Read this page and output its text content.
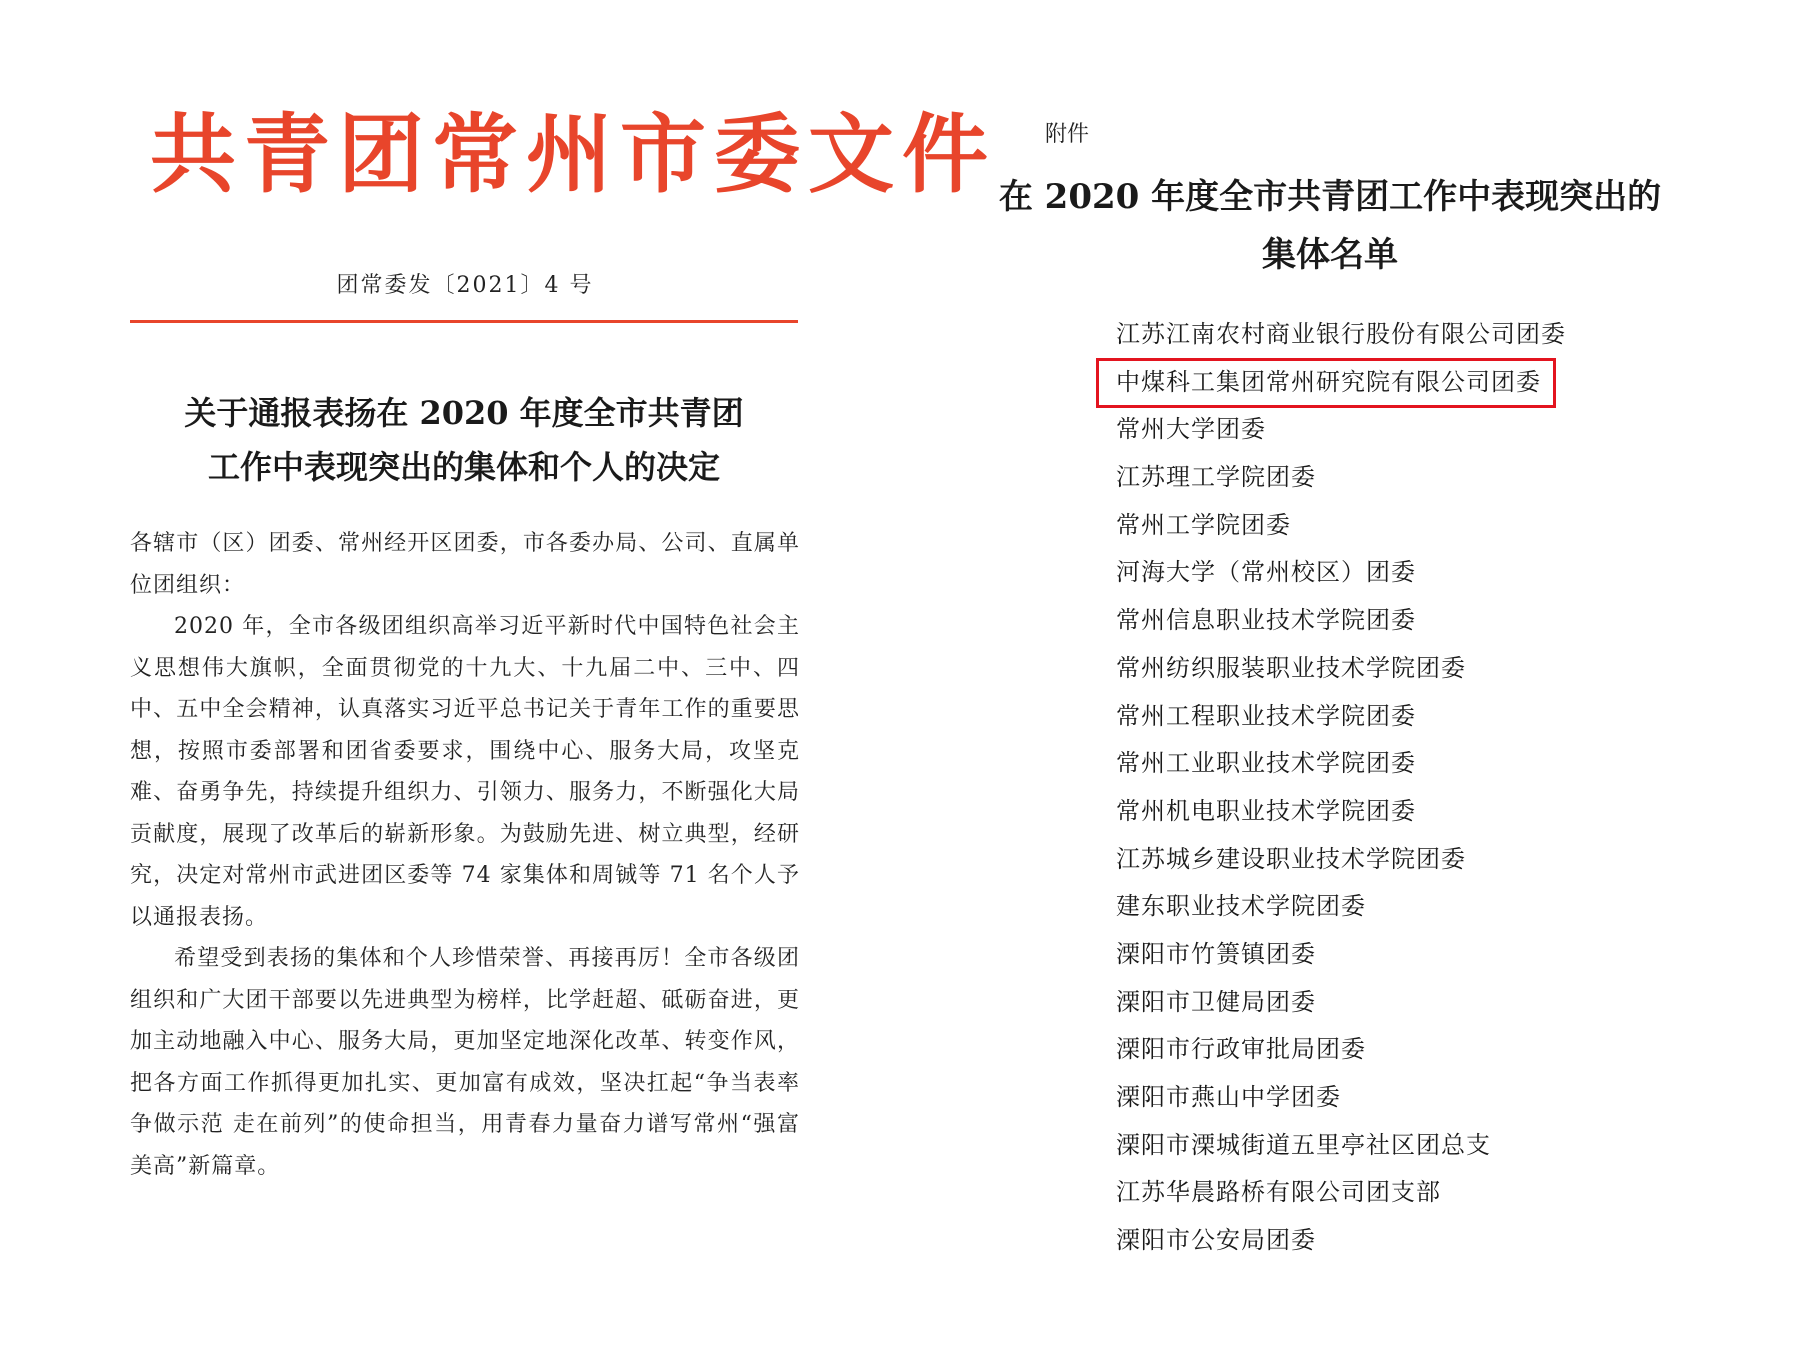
共青团常州市委文件
团常委发〔2021〕4 号
关于通报表扬在 2020 年度全市共青团
工作中表现突出的集体和个人的决定

各辖市（区）团委、常州经开区团委，市各委办局、公司、直属单位团组织：

2020 年，全市各级团组织高举习近平新时代中国特色社会主义思想伟大旗帜，全面贯彻党的十九大、十九届二中、三中、四中、五中全会精神，认真落实习近平总书记关于青年工作的重要思想，按照市委部署和团省委要求，围绕中心、服务大局，攻坚克难、奋勇争先，持续提升组织力、引领力、服务力，不断强化大局贡献度，展现了改革后的崭新形象。为鼓励先进、树立典型，经研究，决定对常州市武进团区委等 74 家集体和周铖等 71 名个人予以通报表扬。

希望受到表扬的集体和个人珍惜荣誉、再接再厉！全市各级团组织和广大团干部要以先进典型为榜样，比学赶超、砥砺奋进，更加主动地融入中心、服务大局，更加坚定地深化改革、转变作风，把各方面工作抓得更加扎实、更加富有成效，坚决扛起“争当表率 争做示范 走在前列”的使命担当，用青春力量奋力谱写常州“强富美高”新篇章。

附件
在 2020 年度全市共青团工作中表现突出的
集体名单
江苏江南农村商业银行股份有限公司团委
中煤科工集团常州研究院有限公司团委
常州大学团委
江苏理工学院团委
常州工学院团委
河海大学（常州校区）团委
常州信息职业技术学院团委
常州纺织服装职业技术学院团委
常州工程职业技术学院团委
常州工业职业技术学院团委
常州机电职业技术学院团委
江苏城乡建设职业技术学院团委
建东职业技术学院团委
溧阳市竹箦镇团委
溧阳市卫健局团委
溧阳市行政审批局团委
溧阳市燕山中学团委
溧阳市溧城街道五里亭社区团总支
江苏华晨路桥有限公司团支部
溧阳市公安局团委
